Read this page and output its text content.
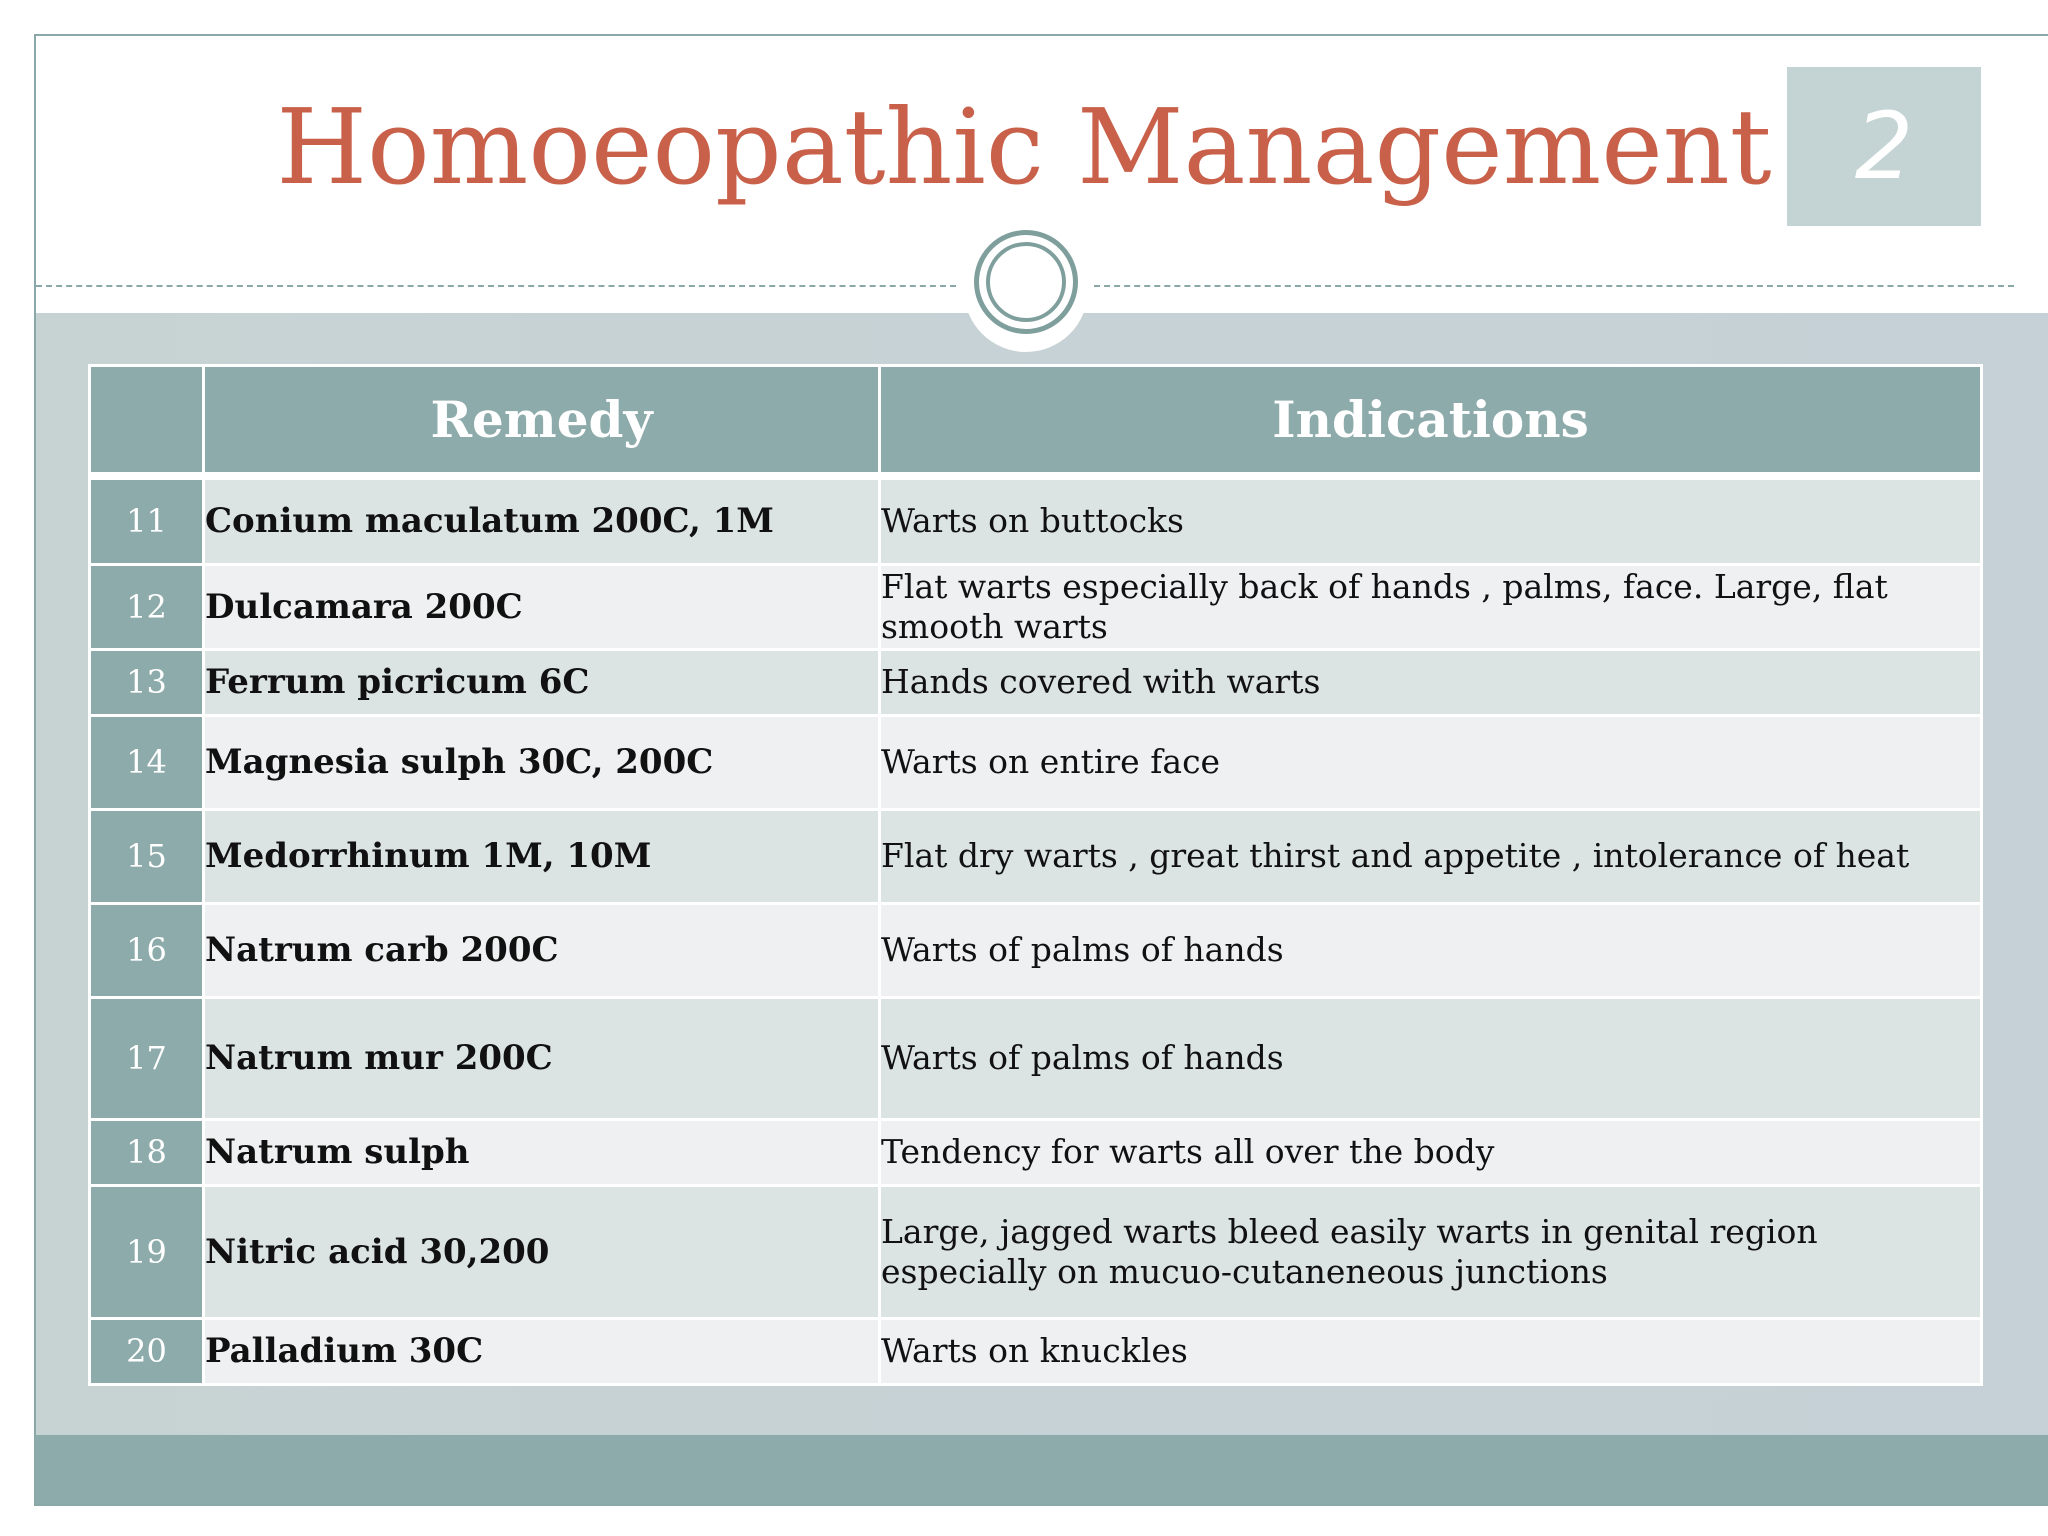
Homoeopathic Management 2
	Remedy	Indications
11	Conium maculatum 200C, 1M	Warts on buttocks
12	Dulcamara 200C	Flat warts especially back of hands , palms, face. Large, flat smooth warts
13	Ferrum picricum 6C	Hands covered with warts
14	Magnesia sulph 30C, 200C	Warts on entire face
15	Medorrhinum 1M, 10M	Flat dry warts , great thirst and appetite , intolerance of heat
16	Natrum carb 200C	Warts of palms of hands
17	Natrum mur 200C	Warts of palms of hands
18	Natrum sulph	Tendency for warts all over the body
19	Nitric acid 30,200	Large, jagged warts bleed easily warts in genital region especially on mucuo-cutaneneous junctions
20	Palladium 30C	Warts on knuckles
